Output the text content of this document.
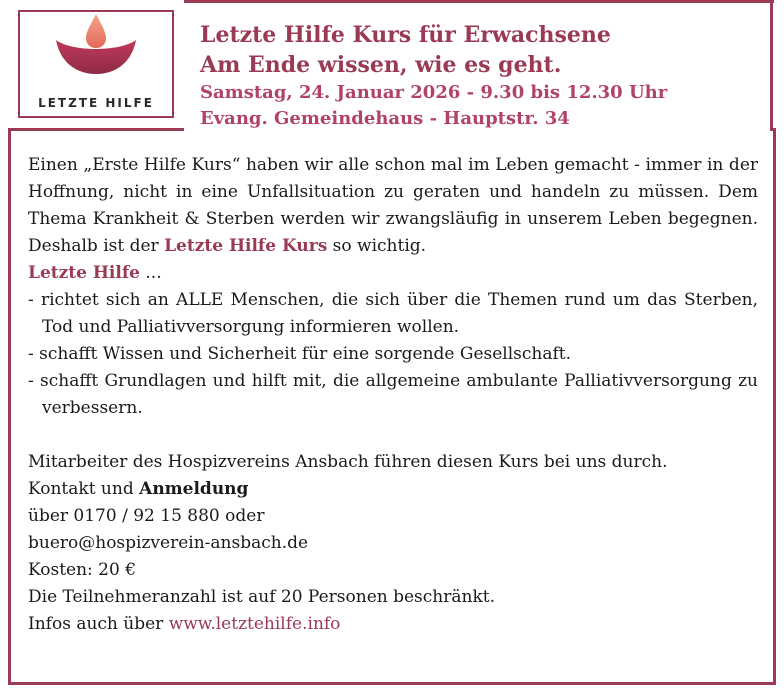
LETZTE HILFE

Letzte Hilfe Kurs für Erwachsene

Am Ende wissen, wie es geht.

Samstag, 24. Januar 2026 - 9.30 bis 12.30 Uhr

Evang. Gemeindehaus - Hauptstr. 34

Einen „Erste Hilfe Kurs“ haben wir alle schon mal im Leben gemacht - immer in der Hoffnung, nicht in eine Unfallsituation zu geraten und handeln zu müssen. Dem Thema Krankheit & Sterben werden wir zwangsläufig in unserem Leben begegnen. Deshalb ist der Letzte Hilfe Kurs so wichtig.

Letzte Hilfe ...

- richtet sich an ALLE Menschen, die sich über die Themen rund um das Sterben, Tod und Palliativversorgung informieren wollen.

- schafft Wissen und Sicherheit für eine sorgende Gesellschaft.

- schafft Grundlagen und hilft mit, die allgemeine ambulante Palliativversorgung zu verbessern.

Mitarbeiter des Hospizvereins Ansbach führen diesen Kurs bei uns durch.

Kontakt und Anmeldung

über 0170 / 92 15 880 oder

buero@hospizverein-ansbach.de

Kosten: 20 €

Die Teilnehmeranzahl ist auf 20 Personen beschränkt.

Infos auch über www.letztehilfe.info
